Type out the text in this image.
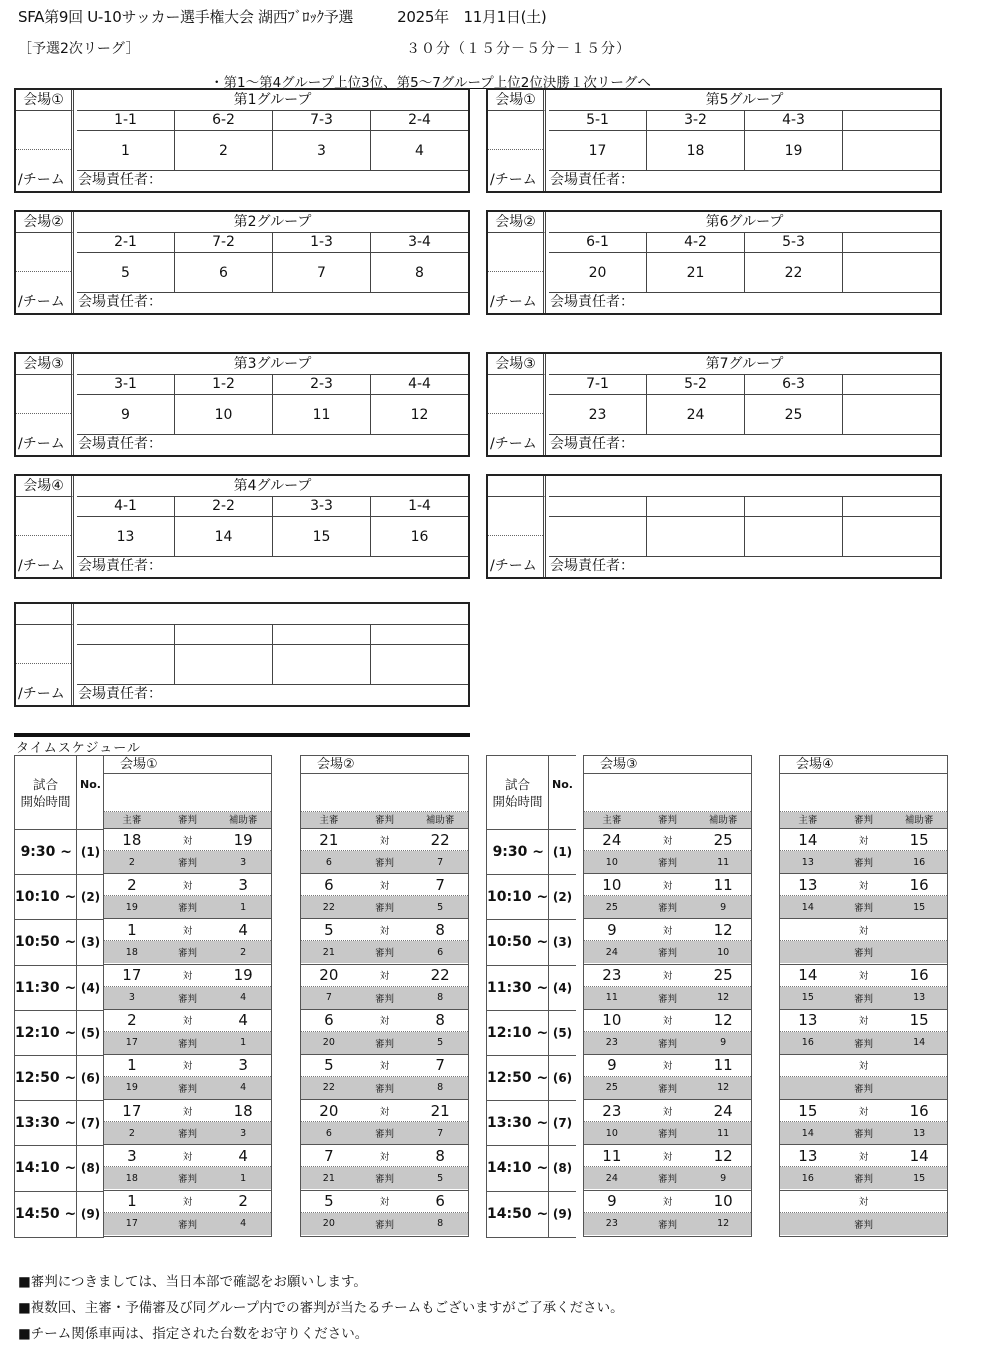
SFA第9回 U-10サッカー選手権大会 湖西ﾌﾞﾛｯｸ予選	2025年　11月1日(土)
［予選2次リーグ］	３０分（１５分－５分－１５分）
・第1～第4グループ上位3位、第5～7グループ上位2位決勝１次リーグへ
会場①
/チーム
第1グループ
1-1	6-2	7-3	2-4
1	2	3	4
会場責任者：
会場②
/チーム
第2グループ
2-1	7-2	1-3	3-4
5	6	7	8
会場責任者：
会場③
/チーム
第3グループ
3-1	1-2	2-3	4-4
9	10	11	12
会場責任者：
会場④
/チーム
第4グループ
4-1	2-2	3-3	1-4
13	14	15	16
会場責任者：
/チーム 会場責任者：
会場①
/チーム
第5グループ
5-1	3-2	4-3
17	18	19
会場責任者：
会場②
/チーム
第6グループ
6-1	4-2	5-3
20	21	22
会場責任者：
会場③
/チーム
第7グループ
7-1	5-2	6-3
23	24	25
会場責任者：
/チーム 会場責任者：
タイムスケジュール
試合
開始時間
No.
9:30 ~ (1)
10:10 ~ (2)
10:50 ~ (3)
11:30 ~ (4)
12:10 ~ (5)
12:50 ~ (6)
13:30 ~ (7)
14:10 ~ (8)
14:50 ~ (9)
試合
開始時間
No.
9:30 ~ (1)
10:10 ~ (2)
10:50 ~ (3)
11:30 ~ (4)
12:10 ~ (5)
12:50 ~ (6)
13:30 ~ (7)
14:10 ~ (8)
14:50 ~ (9)
会場①
主審	審判	補助審
18	対	19
2	審判	3
2	対	3
19	審判	1
1	対	4
18	審判	2
17	対	19
3	審判	4
2	対	4
17	審判	1
1	対	3
19	審判	4
17	対	18
2	審判	3
3	対	4
18	審判	1
1	対	2
17	審判	4
会場②
主審	審判	補助審
21	対	22
6	審判	7
6	対	7
22	審判	5
5	対	8
21	審判	6
20	対	22
7	審判	8
6	対	8
20	審判	5
5	対	7
22	審判	8
20	対	21
6	審判	7
7	対	8
21	審判	5
5	対	6
20	審判	8
会場③
主審	審判	補助審
24	対	25
10	審判	11
10	対	11
25	審判	9
9	対	12
24	審判	10
23	対	25
11	審判	12
10	対	12
23	審判	9
9	対	11
25	審判	12
23	対	24
10	審判	11
11	対	12
24	審判	9
9	対	10
23	審判	12
会場④
主審	審判	補助審
14	対	15
13	審判	16
13	対	16
14	審判	15
対
審判
14	対	16
15	審判	13
13	対	15
16	審判	14
対
審判
15	対	16
14	審判	13
13	対	14
16	審判	15
対
審判
■審判につきましては、当日本部で確認をお願いします。
■複数回、主審・予備審及び同グループ内での審判が当たるチームもございますがご了承ください。
■チーム関係車両は、指定された台数をお守りください。
